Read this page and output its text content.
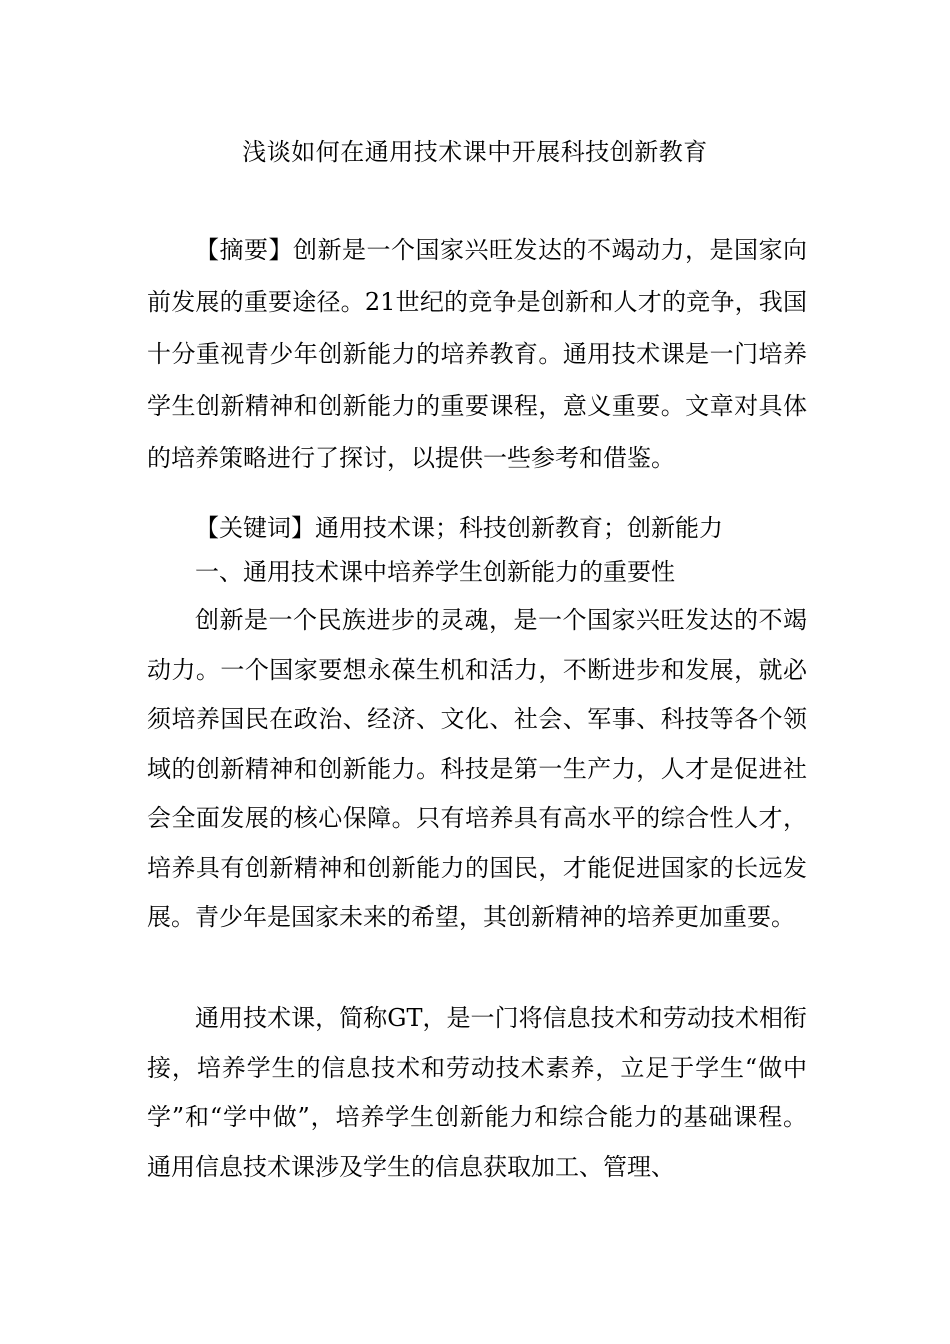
浅谈如何在通用技术课中开展科技创新教育
【摘要】创新是一个国家兴旺发达的不竭动力，是国家向前发展的重要途径。21世纪的竞争是创新和人才的竞争，我国十分重视青少年创新能力的培养教育。通用技术课是一门培养学生创新精神和创新能力的重要课程，意义重要。文章对具体的培养策略进行了探讨，以提供一些参考和借鉴。
【关键词】通用技术课；科技创新教育；创新能力
一、通用技术课中培养学生创新能力的重要性
创新是一个民族进步的灵魂，是一个国家兴旺发达的不竭动力。一个国家要想永葆生机和活力，不断进步和发展，就必须培养国民在政治、经济、文化、社会、军事、科技等各个领域的创新精神和创新能力。科技是第一生产力，人才是促进社会全面发展的核心保障。只有培养具有高水平的综合性人才，培养具有创新精神和创新能力的国民，才能促进国家的长远发展。青少年是国家未来的希望，其创新精神的培养更加重要。
通用技术课，简称GT，是一门将信息技术和劳动技术相衔接，培养学生的信息技术和劳动技术素养，立足于学生“做中学”和“学中做”，培养学生创新能力和综合能力的基础课程。通用信息技术课涉及学生的信息获取加工、管理、
